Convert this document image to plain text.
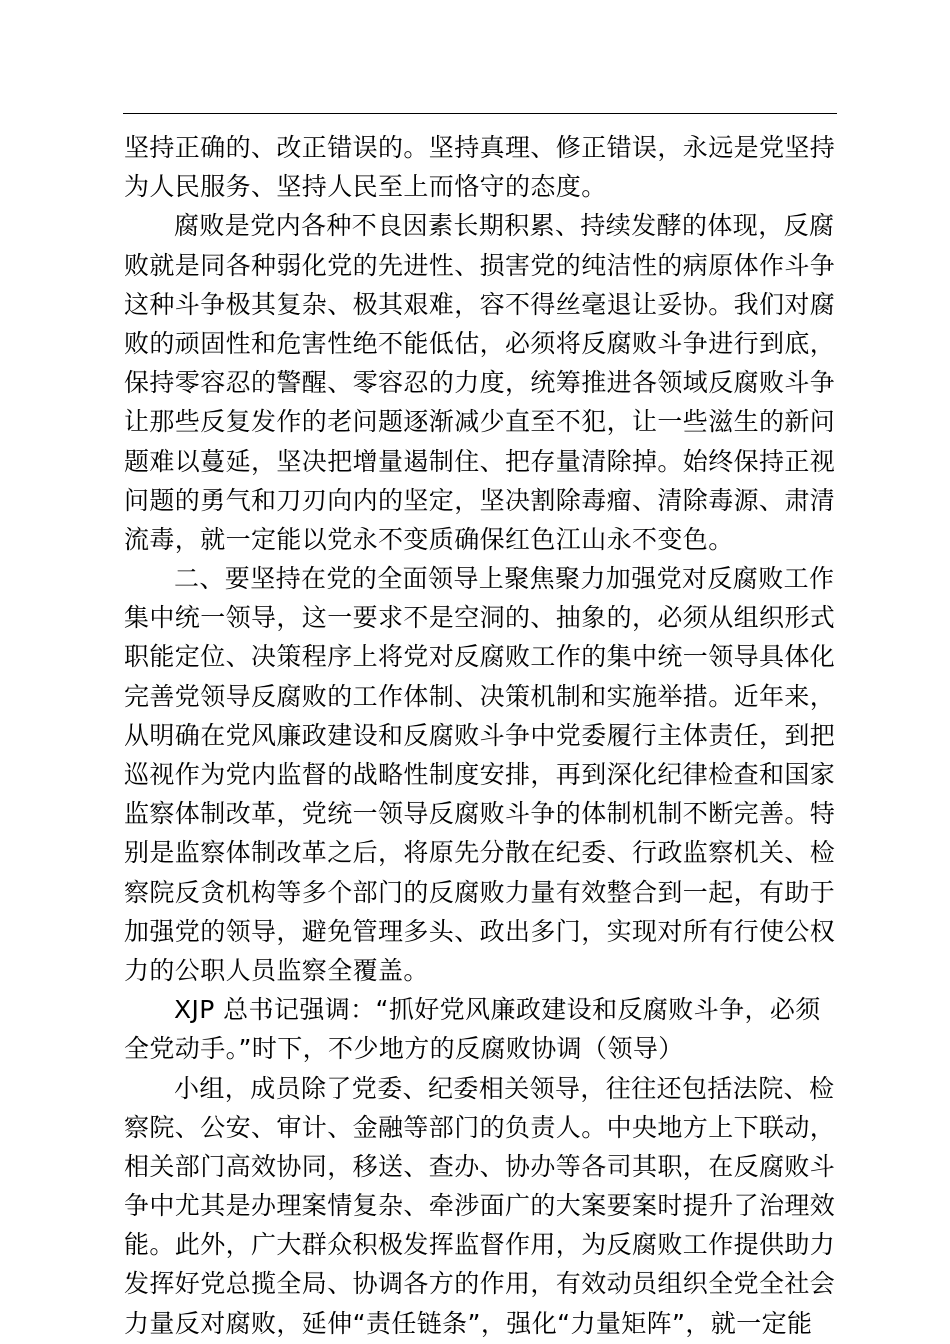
坚持正确的、改正错误的。坚持真理、修正错误，永远是党坚持
为人民服务、坚持人民至上而恪守的态度。
腐败是党内各种不良因素长期积累、持续发酵的体现，反腐
败就是同各种弱化党的先进性、损害党的纯洁性的病原体作斗争
这种斗争极其复杂、极其艰难，容不得丝毫退让妥协。我们对腐
败的顽固性和危害性绝不能低估，必须将反腐败斗争进行到底，
保持零容忍的警醒、零容忍的力度，统筹推进各领域反腐败斗争
让那些反复发作的老问题逐渐减少直至不犯，让一些滋生的新问
题难以蔓延，坚决把增量遏制住、把存量清除掉。始终保持正视
问题的勇气和刀刃向内的坚定，坚决割除毒瘤、清除毒源、肃清
流毒，就一定能以党永不变质确保红色江山永不变色。
二、要坚持在党的全面领导上聚焦聚力加强党对反腐败工作
集中统一领导，这一要求不是空洞的、抽象的，必须从组织形式
职能定位、决策程序上将党对反腐败工作的集中统一领导具体化
完善党领导反腐败的工作体制、决策机制和实施举措。近年来，
从明确在党风廉政建设和反腐败斗争中党委履行主体责任，到把
巡视作为党内监督的战略性制度安排，再到深化纪律检查和国家
监察体制改革，党统一领导反腐败斗争的体制机制不断完善。特
别是监察体制改革之后，将原先分散在纪委、行政监察机关、检
察院反贪机构等多个部门的反腐败力量有效整合到一起，有助于
加强党的领导，避免管理多头、政出多门，实现对所有行使公权
力的公职人员监察全覆盖。
XJP 总书记强调：“抓好党风廉政建设和反腐败斗争，必须
全党动手。”时下，不少地方的反腐败协调（领导）
小组，成员除了党委、纪委相关领导，往往还包括法院、检
察院、公安、审计、金融等部门的负责人。中央地方上下联动，
相关部门高效协同，移送、查办、协办等各司其职，在反腐败斗
争中尤其是办理案情复杂、牵涉面广的大案要案时提升了治理效
能。此外，广大群众积极发挥监督作用，为反腐败工作提供助力
发挥好党总揽全局、协调各方的作用，有效动员组织全党全社会
力量反对腐败，延伸“责任链条”，强化“力量矩阵”，就一定能
